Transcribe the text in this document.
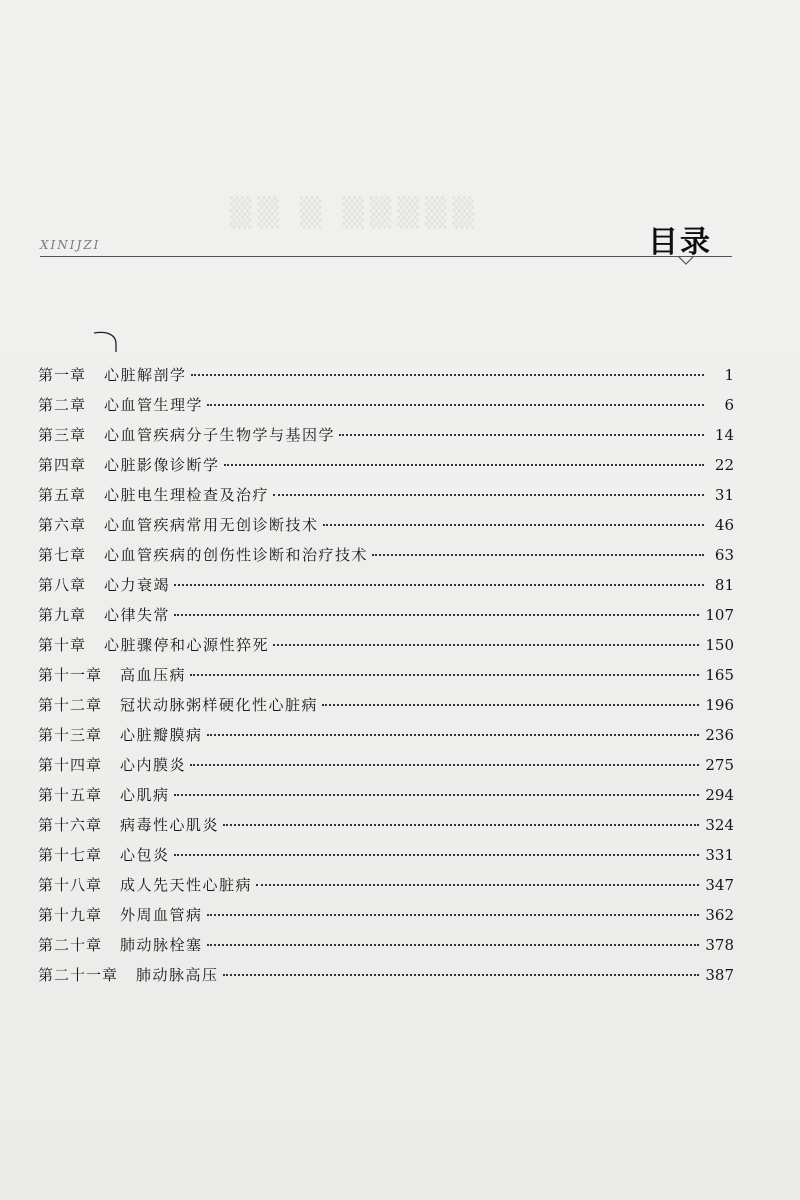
▒▒ ▒ ▒▒▒▒▒
XINIJZI	目录
第一章 心脏解剖学	1
第二章 心血管生理学	6
第三章 心血管疾病分子生物学与基因学	14
第四章 心脏影像诊断学	22
第五章 心脏电生理检查及治疗	31
第六章 心血管疾病常用无创诊断技术	46
第七章 心血管疾病的创伤性诊断和治疗技术	63
第八章 心力衰竭	81
第九章 心律失常	107
第十章 心脏骤停和心源性猝死	150
第十一章 高血压病	165
第十二章 冠状动脉粥样硬化性心脏病	196
第十三章 心脏瓣膜病	236
第十四章 心内膜炎	275
第十五章 心肌病	294
第十六章 病毒性心肌炎	324
第十七章 心包炎	331
第十八章 成人先天性心脏病	347
第十九章 外周血管病	362
第二十章 肺动脉栓塞	378
第二十一章 肺动脉高压	387
